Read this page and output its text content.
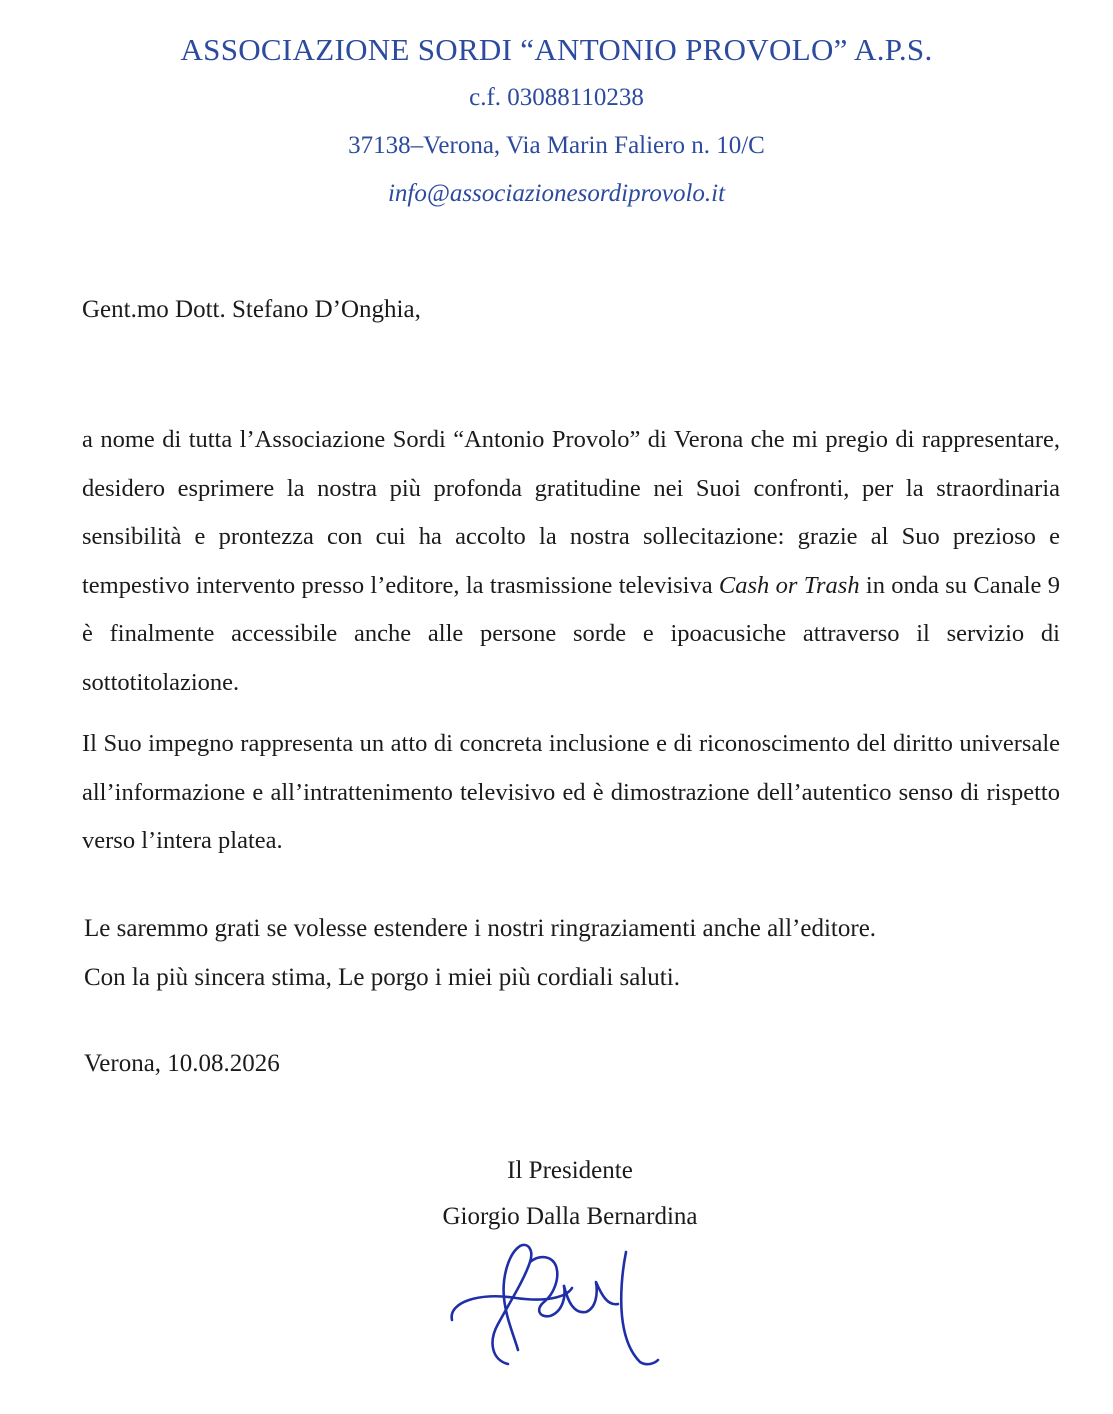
ASSOCIAZIONE SORDI “ANTONIO PROVOLO” A.P.S.
c.f. 03088110238
37138–Verona, Via Marin Faliero n. 10/C
info@associazionesordiprovolo.it
Gent.mo Dott. Stefano D’Onghia,
a nome di tutta l’Associazione Sordi “Antonio Provolo” di Verona che mi pregio di rappresentare, desidero esprimere la nostra più profonda gratitudine nei Suoi confronti, per la straordinaria sensibilità e prontezza con cui ha accolto la nostra sollecitazione: grazie al Suo prezioso e tempestivo intervento presso l’editore, la trasmissione televisiva Cash or Trash in onda su Canale 9 è finalmente accessibile anche alle persone sorde e ipoacusiche attraverso il servizio di sottotitolazione.
Il Suo impegno rappresenta un atto di concreta inclusione e di riconoscimento del diritto universale all’informazione e all’intrattenimento televisivo ed è dimostrazione dell’autentico senso di rispetto verso l’intera platea.
Le saremmo grati se volesse estendere i nostri ringraziamenti anche all’editore.
Con la più sincera stima, Le porgo i miei più cordiali saluti.
Verona, 10.08.2026
Il Presidente
Giorgio Dalla Bernardina
